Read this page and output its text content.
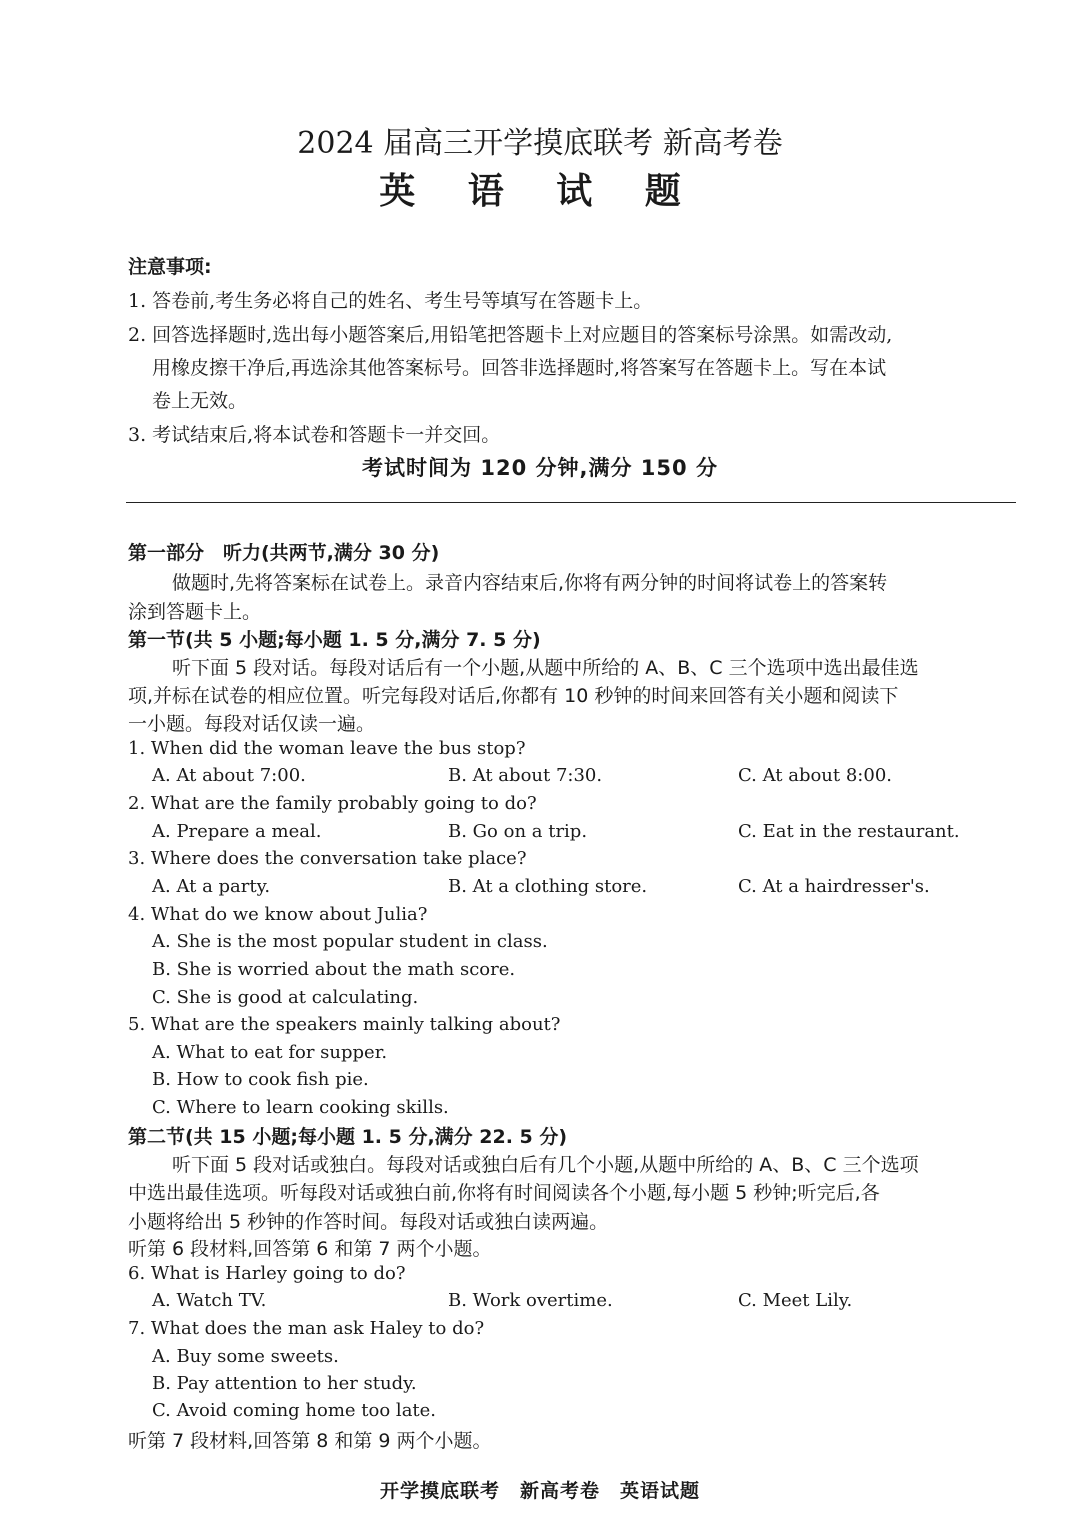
2024 届高三开学摸底联考 新高考卷
英 语 试 题
注意事项:
1. 答卷前,考生务必将自己的姓名、考生号等填写在答题卡上。
2. 回答选择题时,选出每小题答案后,用铅笔把答题卡上对应题目的答案标号涂黑。如需改动,
用橡皮擦干净后,再选涂其他答案标号。回答非选择题时,将答案写在答题卡上。写在本试
卷上无效。
3. 考试结束后,将本试卷和答题卡一并交回。
考试时间为 120 分钟,满分 150 分
第一部分　听力(共两节,满分 30 分)
做题时,先将答案标在试卷上。录音内容结束后,你将有两分钟的时间将试卷上的答案转
涂到答题卡上。
第一节(共 5 小题;每小题 1. 5 分,满分 7. 5 分)
听下面 5 段对话。每段对话后有一个小题,从题中所给的 A、B、C 三个选项中选出最佳选
项,并标在试卷的相应位置。听完每段对话后,你都有 10 秒钟的时间来回答有关小题和阅读下
一小题。每段对话仅读一遍。
1. When did the woman leave the bus stop?
A. At about 7:00.	B. At about 7:30.	C. At about 8:00.
2. What are the family probably going to do?
A. Prepare a meal.	B. Go on a trip.	C. Eat in the restaurant.
3. Where does the conversation take place?
A. At a party.	B. At a clothing store.	C. At a hairdresser's.
4. What do we know about Julia?
A. She is the most popular student in class.
B. She is worried about the math score.
C. She is good at calculating.
5. What are the speakers mainly talking about?
A. What to eat for supper.
B. How to cook fish pie.
C. Where to learn cooking skills.
第二节(共 15 小题;每小题 1. 5 分,满分 22. 5 分)
听下面 5 段对话或独白。每段对话或独白后有几个小题,从题中所给的 A、B、C 三个选项
中选出最佳选项。听每段对话或独白前,你将有时间阅读各个小题,每小题 5 秒钟;听完后,各
小题将给出 5 秒钟的作答时间。每段对话或独白读两遍。
听第 6 段材料,回答第 6 和第 7 两个小题。
6. What is Harley going to do?
A. Watch TV.	B. Work overtime.	C. Meet Lily.
7. What does the man ask Haley to do?
A. Buy some sweets.
B. Pay attention to her study.
C. Avoid coming home too late.
听第 7 段材料,回答第 8 和第 9 两个小题。
开学摸底联考　新高考卷　英语试题
